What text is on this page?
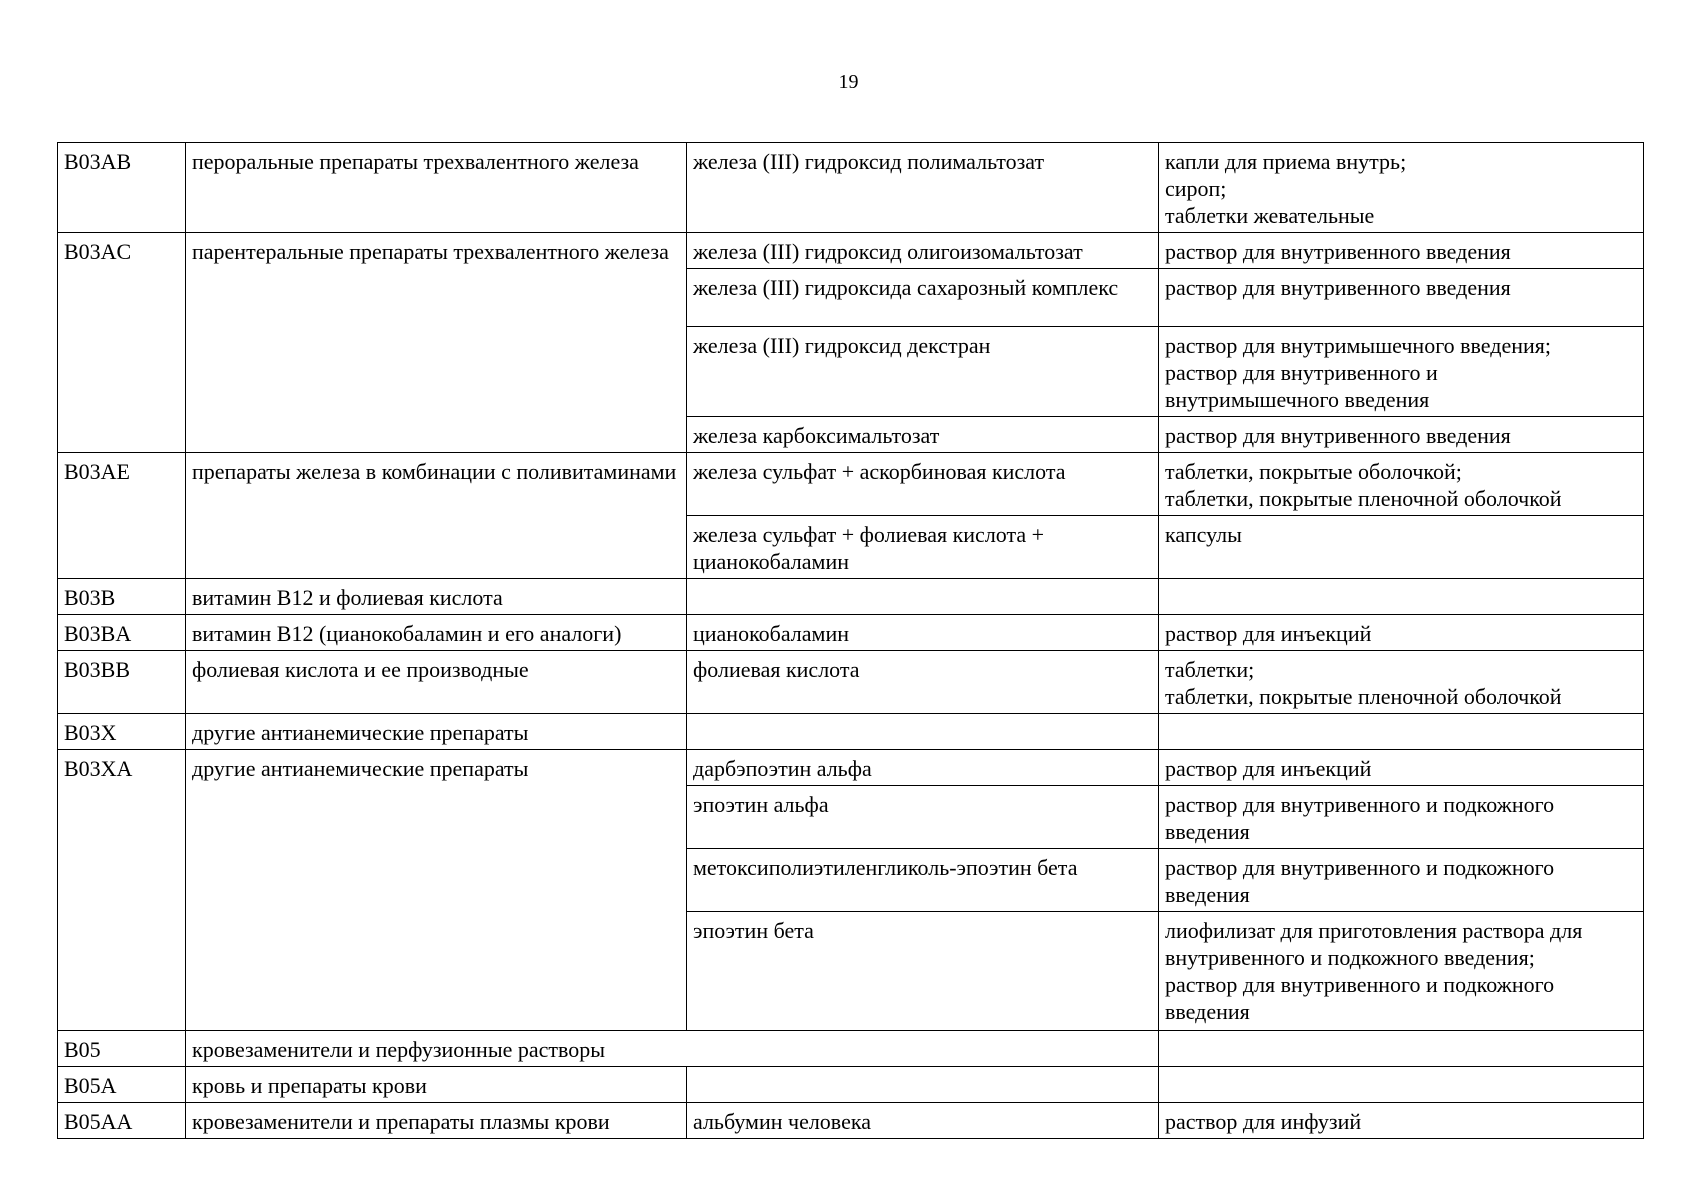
19
B03AB	пероральные препараты трехвалентного железа	железа (III) гидроксид полимальтозат	капли для приема внутрь;
сироп;
таблетки жевательные

B03AC	парентеральные препараты трехвалентного железа	железа (III) гидроксид олигоизомальтозат	раствор для внутривенного введения

		железа (III) гидроксида сахарозный комплекс	раствор для внутривенного введения

		железа (III) гидроксид декстран	раствор для внутримышечного введения;
раствор для внутривенного и
внутримышечного введения

		железа карбоксимальтозат	раствор для внутривенного введения

B03AE	препараты железа в комбинации с поливитаминами	железа сульфат + аскорбиновая кислота	таблетки, покрытые оболочкой;
таблетки, покрытые пленочной оболочкой

		железа сульфат + фолиевая кислота + цианокобаламин	капсулы

B03B	витамин B12 и фолиевая кислота		
B03BA	витамин B12 (цианокобаламин и его аналоги)	цианокобаламин	раствор для инъекций

B03BB	фолиевая кислота и ее производные	фолиевая кислота	таблетки;
таблетки, покрытые пленочной оболочкой

B03X	другие антианемические препараты		
B03XA	другие антианемические препараты	дарбэпоэтин альфа	раствор для инъекций

		эпоэтин альфа	раствор для внутривенного и подкожного
введения

		метоксиполиэтиленгликоль-эпоэтин бета	раствор для внутривенного и подкожного
введения

		эпоэтин бета	лиофилизат для приготовления раствора для
внутривенного и подкожного введения;
раствор для внутривенного и подкожного
введения

B05	кровезаменители и перфузионные растворы		
B05A	кровь и препараты крови		
B05AA	кровезаменители и препараты плазмы крови	альбумин человека	раствор для инфузий
